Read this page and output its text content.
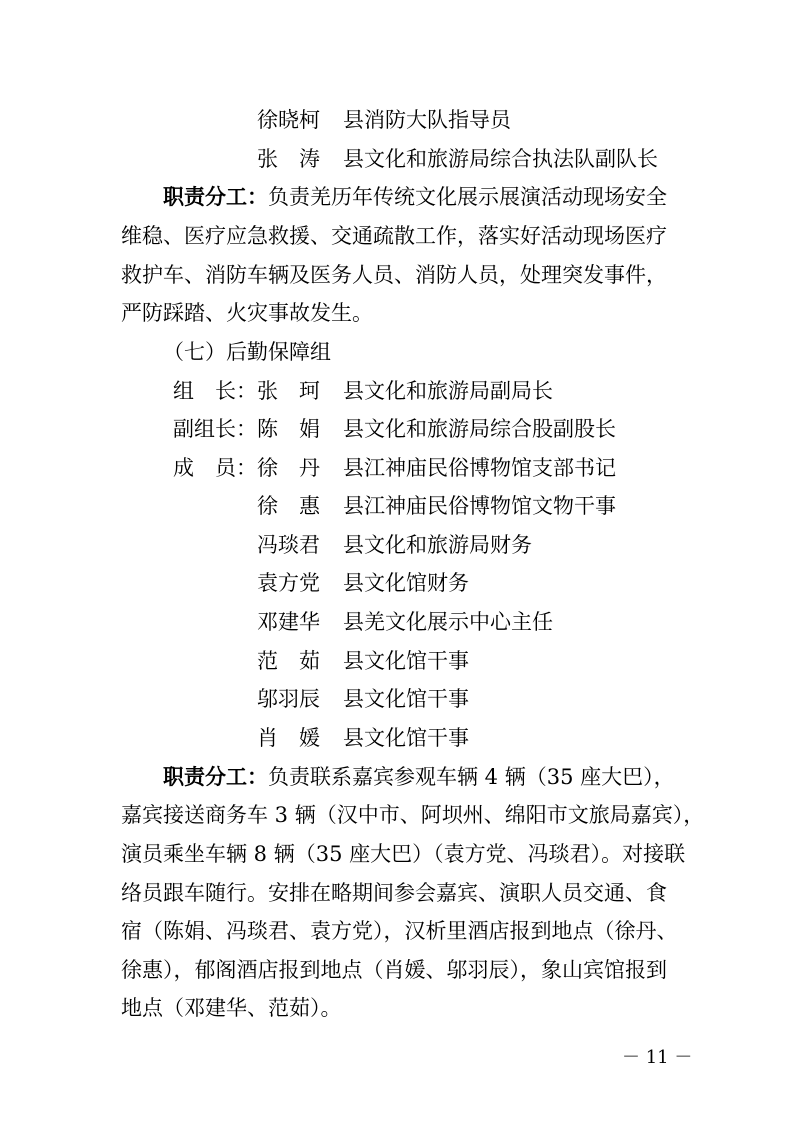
徐晓柯 县消防大队指导员
张　涛 县文化和旅游局综合执法队副队长
职责分工：负责羌历年传统文化展示展演活动现场安全
维稳、医疗应急救援、交通疏散工作，落实好活动现场医疗
救护车、消防车辆及医务人员、消防人员，处理突发事件，
严防踩踏、火灾事故发生。
（七）后勤保障组
组　长： 张　珂 县文化和旅游局副局长
副组长： 陈　娟 县文化和旅游局综合股副股长
成　员： 徐　丹 县江神庙民俗博物馆支部书记
徐　惠 县江神庙民俗博物馆文物干事
冯琰君 县文化和旅游局财务
袁方党 县文化馆财务
邓建华 县羌文化展示中心主任
范　茹 县文化馆干事
邬羽辰 县文化馆干事
肖　媛 县文化馆干事
职责分工：负责联系嘉宾参观车辆 4 辆（35 座大巴），
嘉宾接送商务车 3 辆（汉中市、阿坝州、绵阳市文旅局嘉宾），
演员乘坐车辆 8 辆（35 座大巴）（袁方党、冯琰君）。对接联
络员跟车随行。安排在略期间参会嘉宾、演职人员交通、食
宿（陈娟、冯琰君、袁方党），汉析里酒店报到地点（徐丹、
徐惠），郁阁酒店报到地点（肖媛、邬羽辰），象山宾馆报到
地点（邓建华、范茹）。
－ 11 －
